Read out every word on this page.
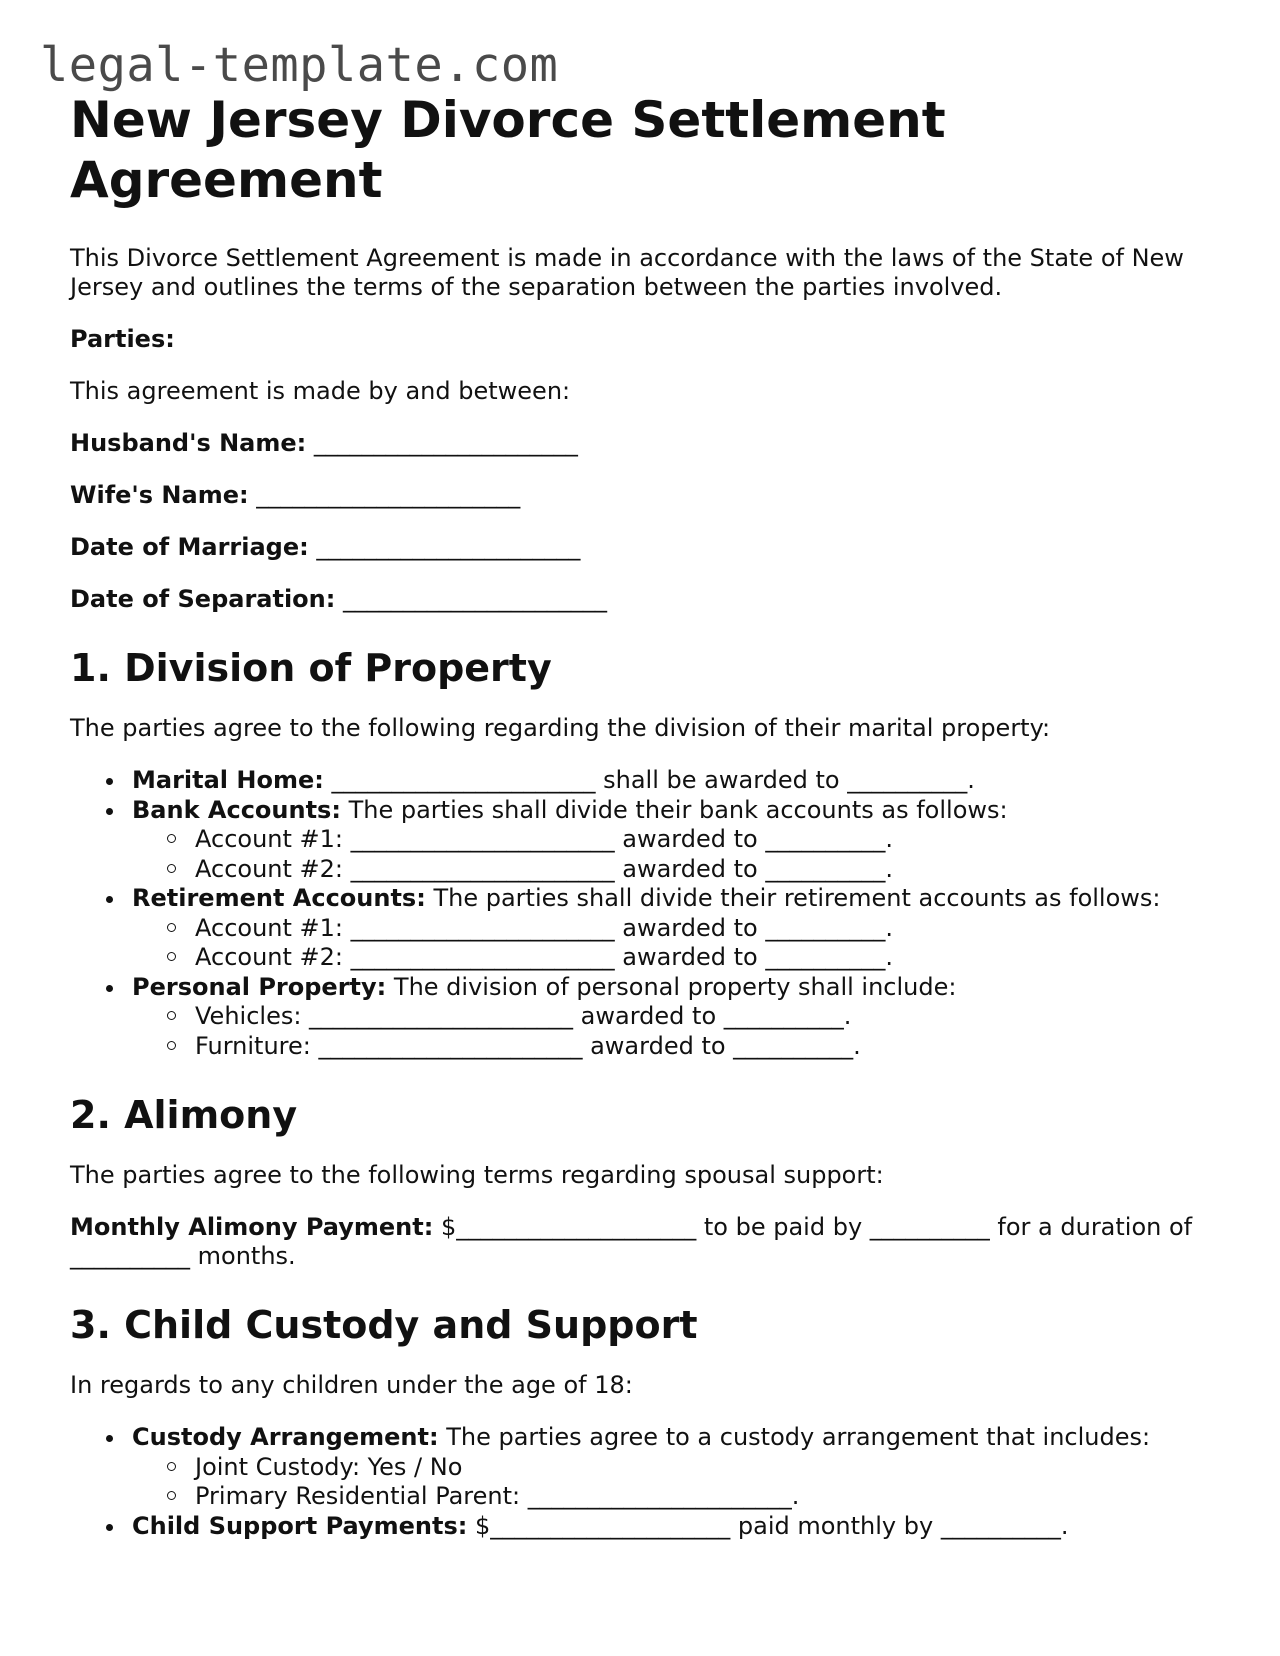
legal-template.com
New Jersey Divorce Settlement Agreement

This Divorce Settlement Agreement is made in accordance with the laws of the State of New Jersey and outlines the terms of the separation between the parties involved.

Parties:

This agreement is made by and between:

Husband's Name: ______________________

Wife's Name: ______________________

Date of Marriage: ______________________

Date of Separation: ______________________

1. Division of Property

The parties agree to the following regarding the division of their marital property:

Marital Home: ______________________ shall be awarded to __________.
Bank Accounts: The parties shall divide their bank accounts as follows:
Account #1: ______________________ awarded to __________.
Account #2: ______________________ awarded to __________.
Retirement Accounts: The parties shall divide their retirement accounts as follows:
Account #1: ______________________ awarded to __________.
Account #2: ______________________ awarded to __________.
Personal Property: The division of personal property shall include:
Vehicles: ______________________ awarded to __________.
Furniture: ______________________ awarded to __________.
2. Alimony

The parties agree to the following terms regarding spousal support:

Monthly Alimony Payment: $____________________ to be paid by __________ for a duration of __________ months.

3. Child Custody and Support

In regards to any children under the age of 18:

Custody Arrangement: The parties agree to a custody arrangement that includes:
Joint Custody: Yes / No
Primary Residential Parent: ______________________.
Child Support Payments: $____________________ paid monthly by __________.
